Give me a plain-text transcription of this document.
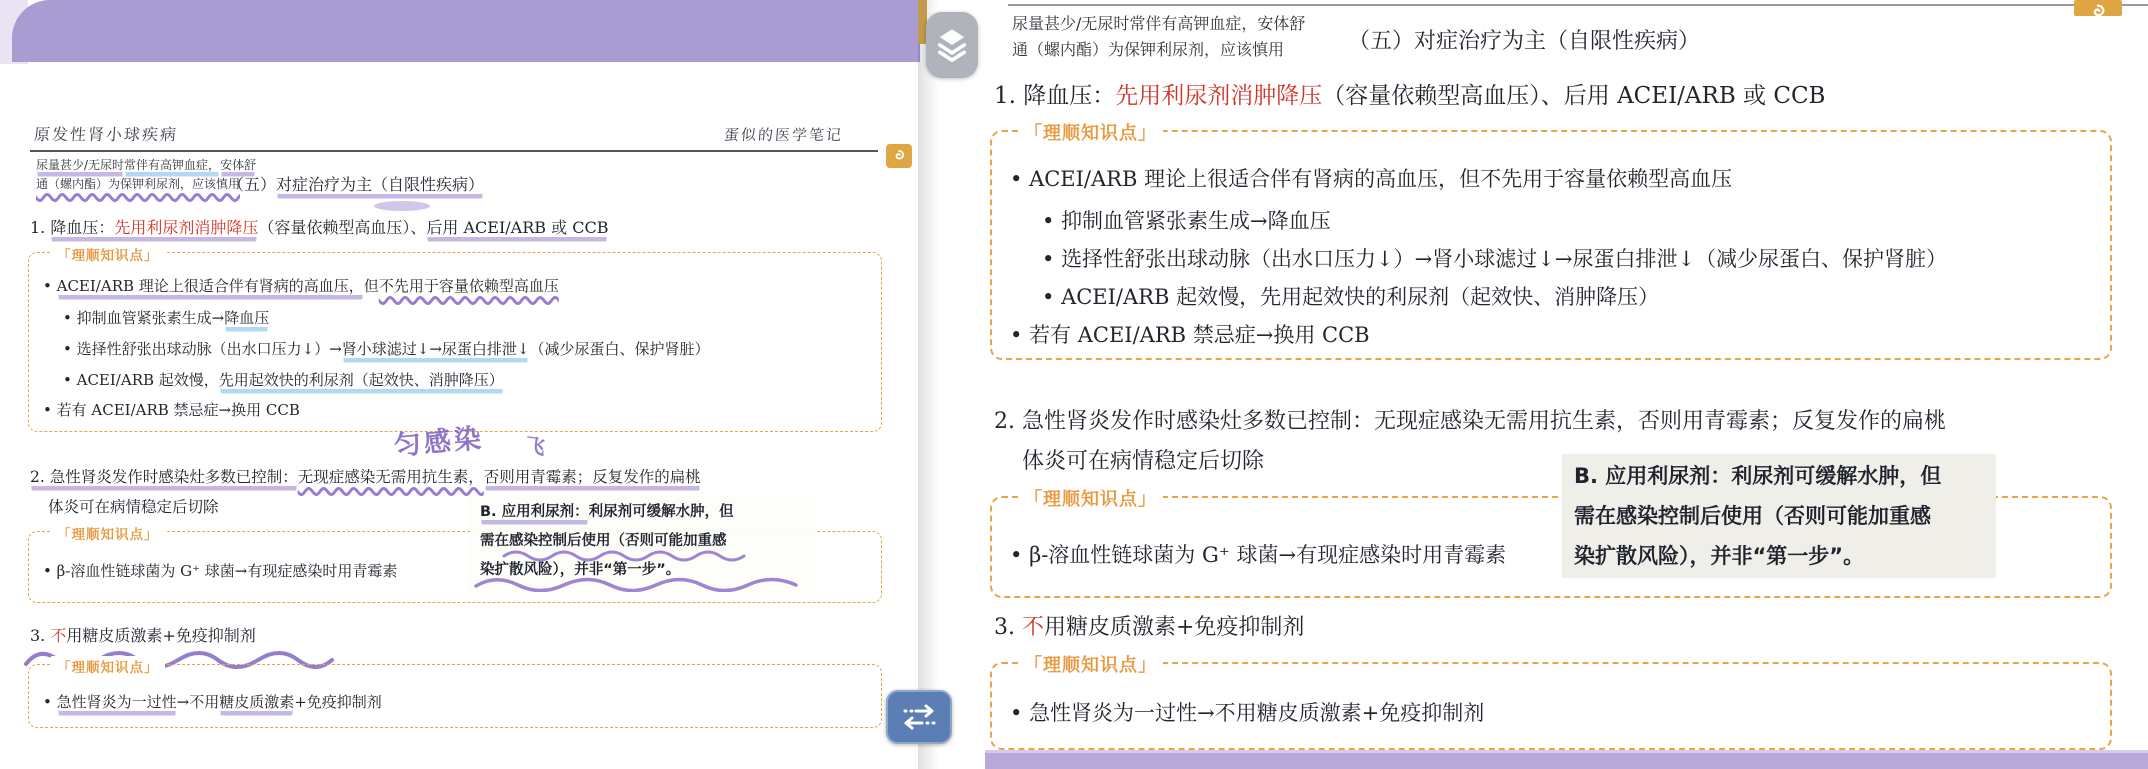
原发性肾小球疾病	蛋似的医学笔记
尿量甚少/无尿时常伴有高钾血症，安体舒
通（螺内酯）为保钾利尿剂，应该慎用
（五）对症治疗为主（自限性疾病）
1. 降血压：先用利尿剂消肿降压（容量依赖型高血压）、后用 ACEI/ARB 或 CCB
「理顺知识点」
• ACEI/ARB 理论上很适合伴有肾病的高血压，但不先用于容量依赖型高血压
• 抑制血管紧张素生成→降血压
• 选择性舒张出球动脉（出水口压力↓）→肾小球滤过↓→尿蛋白排泄↓（减少尿蛋白、保护肾脏）
• ACEI/ARB 起效慢，先用起效快的利尿剂（起效快、消肿降压）
• 若有 ACEI/ARB 禁忌症→换用 CCB
匀感染 飞
2. 急性肾炎发作时感染灶多数已控制：无现症感染无需用抗生素，否则用青霉素；反复发作的扁桃
体炎可在病情稳定后切除
「理顺知识点」
• β-溶血性链球菌为 G⁺ 球菌→有现症感染时用青霉素
B. 应用利尿剂：利尿剂可缓解水肿，但
需在感染控制后使用（否则可能加重感
染扩散风险），并非“第一步”。
3. 不用糖皮质激素+免疫抑制剂
「理顺知识点」
• 急性肾炎为一过性→不用糖皮质激素+免疫抑制剂
尿量甚少/无尿时常伴有高钾血症，安体舒
通（螺内酯）为保钾利尿剂，应该慎用	（五）对症治疗为主（自限性疾病）
1. 降血压：先用利尿剂消肿降压（容量依赖型高血压）、后用 ACEI/ARB 或 CCB
「理顺知识点」
• ACEI/ARB 理论上很适合伴有肾病的高血压，但不先用于容量依赖型高血压
• 抑制血管紧张素生成→降血压
• 选择性舒张出球动脉（出水口压力↓）→肾小球滤过↓→尿蛋白排泄↓（减少尿蛋白、保护肾脏）
• ACEI/ARB 起效慢，先用起效快的利尿剂（起效快、消肿降压）
• 若有 ACEI/ARB 禁忌症→换用 CCB
2. 急性肾炎发作时感染灶多数已控制：无现症感染无需用抗生素，否则用青霉素；反复发作的扁桃
体炎可在病情稳定后切除
「理顺知识点」
• β-溶血性链球菌为 G⁺ 球菌→有现症感染时用青霉素
B. 应用利尿剂：利尿剂可缓解水肿，但
需在感染控制后使用（否则可能加重感
染扩散风险），并非“第一步”。
3. 不用糖皮质激素+免疫抑制剂
「理顺知识点」
• 急性肾炎为一过性→不用糖皮质激素+免疫抑制剂
